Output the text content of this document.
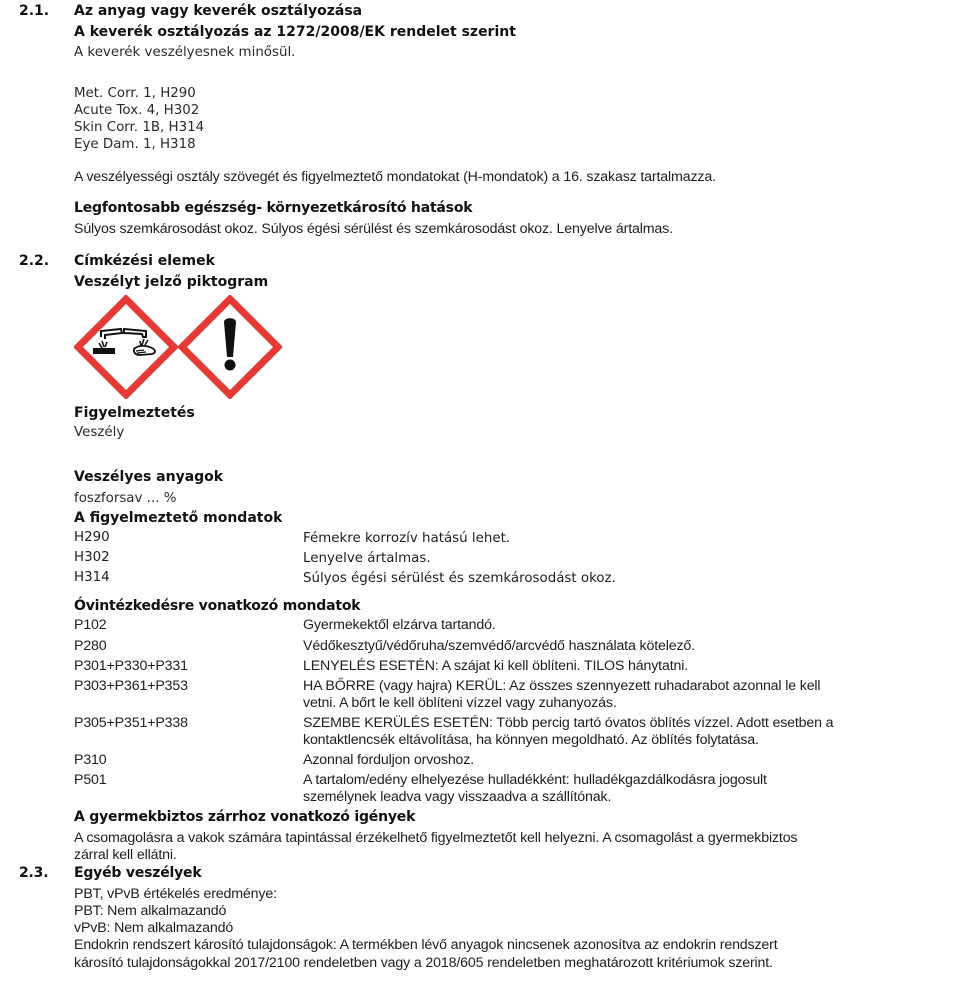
2.1. Az anyag vagy keverék osztályozása
A keverék osztályozás az 1272/2008/EK rendelet szerint
A keverék veszélyesnek minősül.
Met. Corr. 1, H290
Acute Tox. 4, H302
Skin Corr. 1B, H314
Eye Dam. 1, H318
A veszélyességi osztály szövegét és figyelmeztető mondatokat (H-mondatok) a 16. szakasz tartalmazza.
Legfontosabb egészség- környezetkárosító hatások
Súlyos szemkárosodást okoz. Súlyos égési sérülést és szemkárosodást okoz. Lenyelve ártalmas.
2.2. Címkézési elemek
Veszélyt jelző piktogram
Figyelmeztetés
Veszély
Veszélyes anyagok
foszforsav ... %
A figyelmeztető mondatok
H290	Fémekre korrozív hatású lehet.
H302	Lenyelve ártalmas.
H314	Súlyos égési sérülést és szemkárosodást okoz.
Óvintézkedésre vonatkozó mondatok
P102	Gyermekektől elzárva tartandó.
P280	Védőkesztyű/védőruha/szemvédő/arcvédő használata kötelező.
P301+P330+P331	LENYELÉS ESETÉN: A szájat ki kell öblíteni. TILOS hánytatni.
P303+P361+P353	HA BŐRRE (vagy hajra) KERÜL: Az összes szennyezett ruhadarabot azonnal le kell
vetni. A bőrt le kell öblíteni vízzel vagy zuhanyozás.
P305+P351+P338	SZEMBE KERÜLÉS ESETÉN: Több percig tartó óvatos öblítés vízzel. Adott esetben a
kontaktlencsék eltávolítása, ha könnyen megoldható. Az öblítés folytatása.
P310	Azonnal forduljon orvoshoz.
P501	A tartalom/edény elhelyezése hulladékként: hulladékgazdálkodásra jogosult
személynek leadva vagy visszaadva a szállítónak.
A gyermekbiztos zárrhoz vonatkozó igények
A csomagolásra a vakok számára tapintással érzékelhető figyelmeztetőt kell helyezni. A csomagolást a gyermekbiztos
zárral kell ellátni.
2.3. Egyéb veszélyek
PBT, vPvB értékelés eredménye:
PBT: Nem alkalmazandó
vPvB: Nem alkalmazandó
Endokrin rendszert károsító tulajdonságok: A termékben lévő anyagok nincsenek azonosítva az endokrin rendszert
károsító tulajdonságokkal 2017/2100 rendeletben vagy a 2018/605 rendeletben meghatározott kritériumok szerint.
